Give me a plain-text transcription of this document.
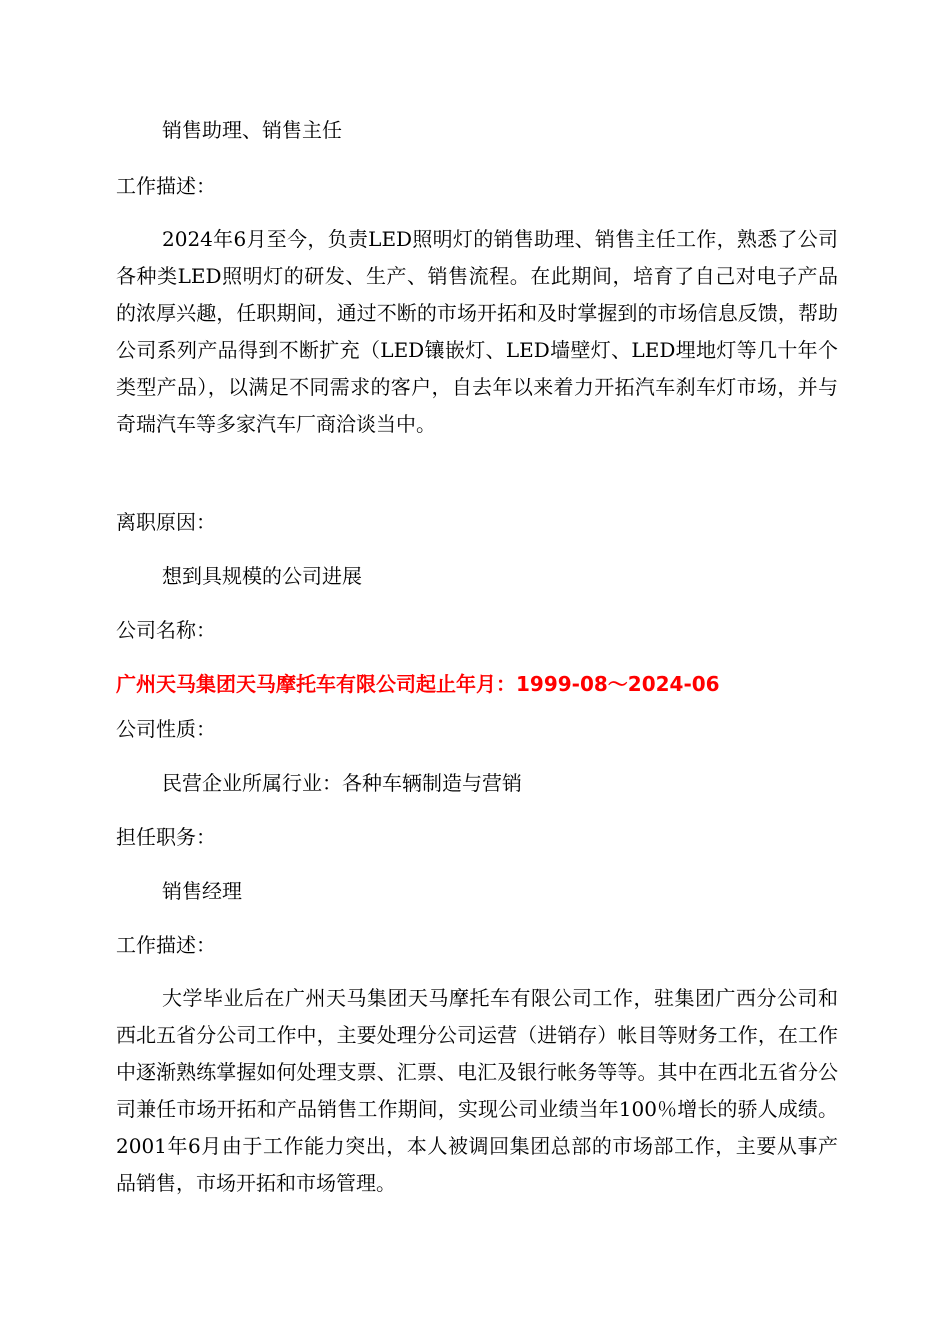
销售助理、销售主任
工作描述：
2024年6月至今，负责LED照明灯的销售助理、销售主任工作，熟悉了公司各种类LED照明灯的研发、生产、销售流程。在此期间，培育了自己对电子产品的浓厚兴趣，任职期间，通过不断的市场开拓和及时掌握到的市场信息反馈，帮助公司系列产品得到不断扩充（LED镶嵌灯、LED墙壁灯、LED埋地灯等几十年个类型产品），以满足不同需求的客户，自去年以来着力开拓汽车刹车灯市场，并与奇瑞汽车等多家汽车厂商洽谈当中。
离职原因：
想到具规模的公司进展
公司名称：
广州天马集团天马摩托车有限公司起止年月：1999-08～2024-06
公司性质：
民营企业所属行业：各种车辆制造与营销
担任职务：
销售经理
工作描述：
大学毕业后在广州天马集团天马摩托车有限公司工作，驻集团广西分公司和西北五省分公司工作中，主要处理分公司运营（进销存）帐目等财务工作，在工作中逐渐熟练掌握如何处理支票、汇票、电汇及银行帐务等等。其中在西北五省分公司兼任市场开拓和产品销售工作期间，实现公司业绩当年100％增长的骄人成绩。2001年6月由于工作能力突出，本人被调回集团总部的市场部工作，主要从事产品销售，市场开拓和市场管理。
